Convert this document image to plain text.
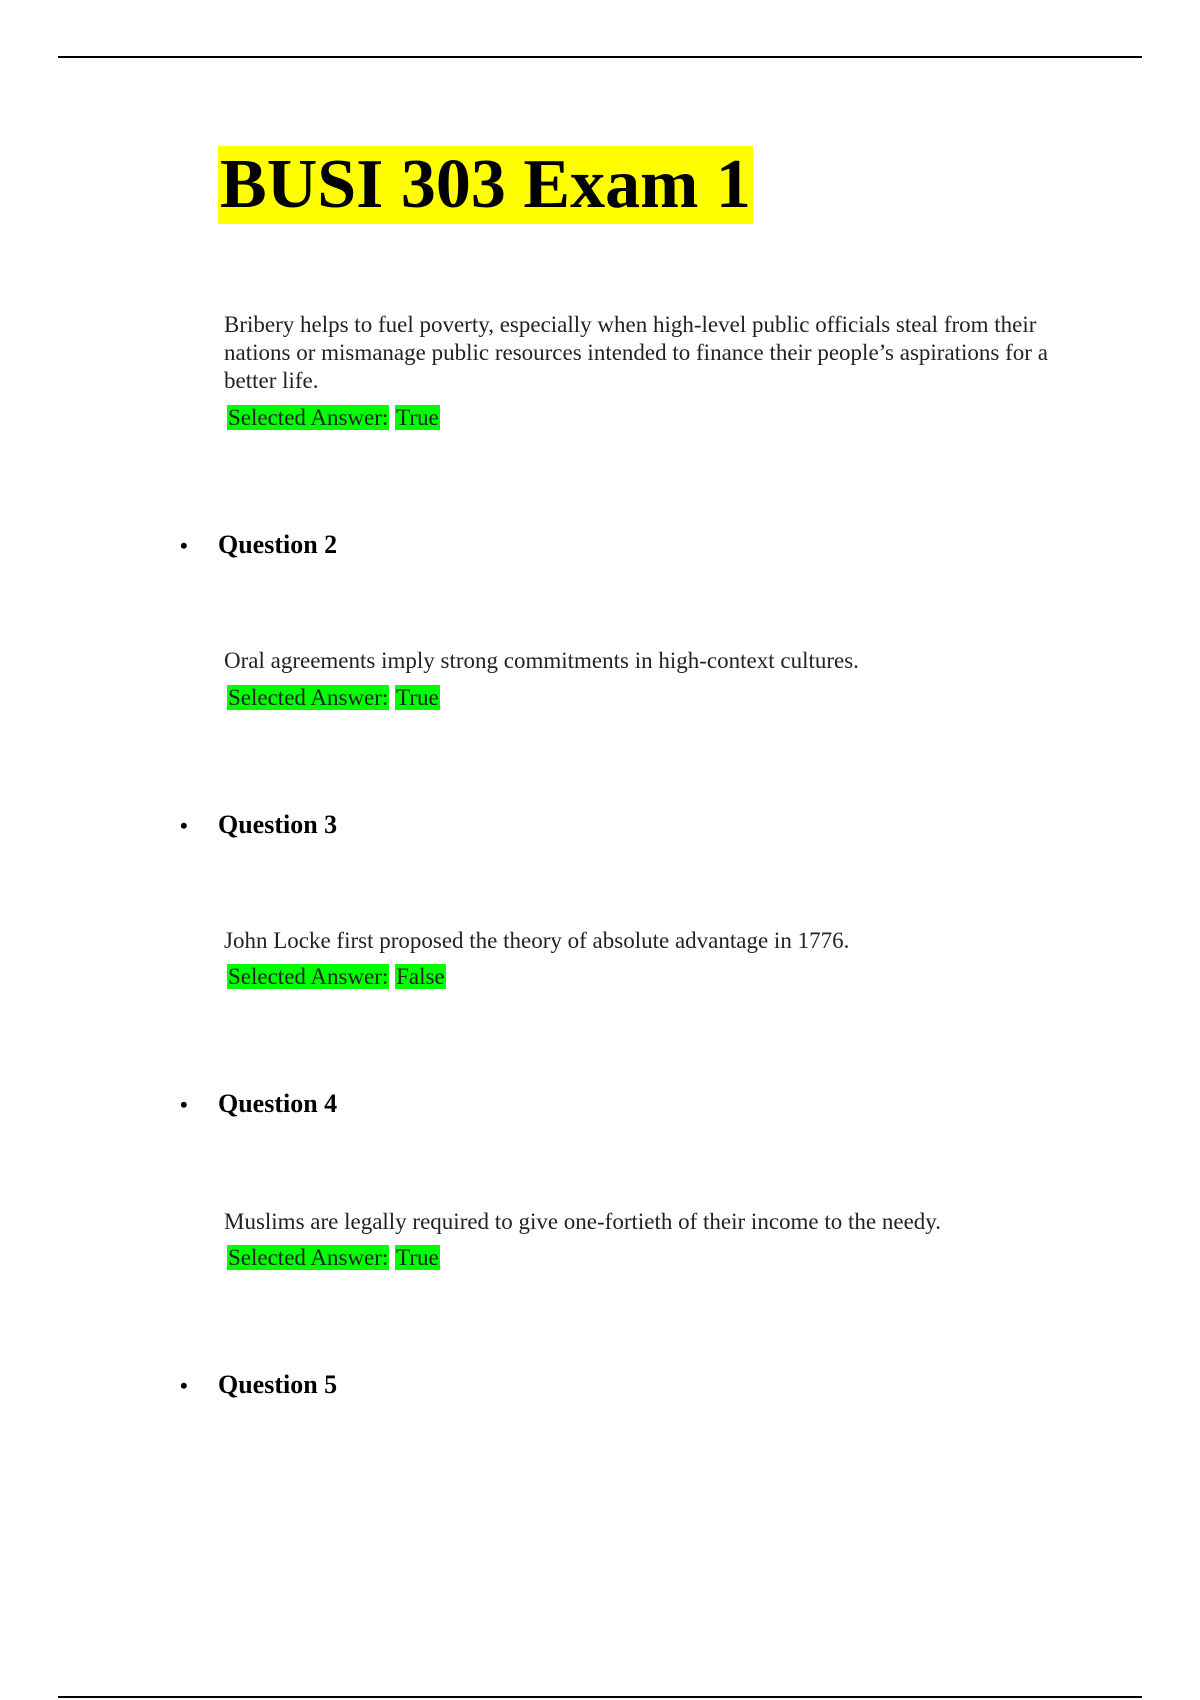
BUSI 303 Exam 1
Bribery helps to fuel poverty, especially when high-level public officials steal from their nations or mismanage public resources intended to finance their people’s aspirations for a better life.
Selected Answer: True
• Question 2
Oral agreements imply strong commitments in high-context cultures.
Selected Answer: True
• Question 3
John Locke first proposed the theory of absolute advantage in 1776.
Selected Answer: False
• Question 4
Muslims are legally required to give one-fortieth of their income to the needy.
Selected Answer: True
• Question 5
